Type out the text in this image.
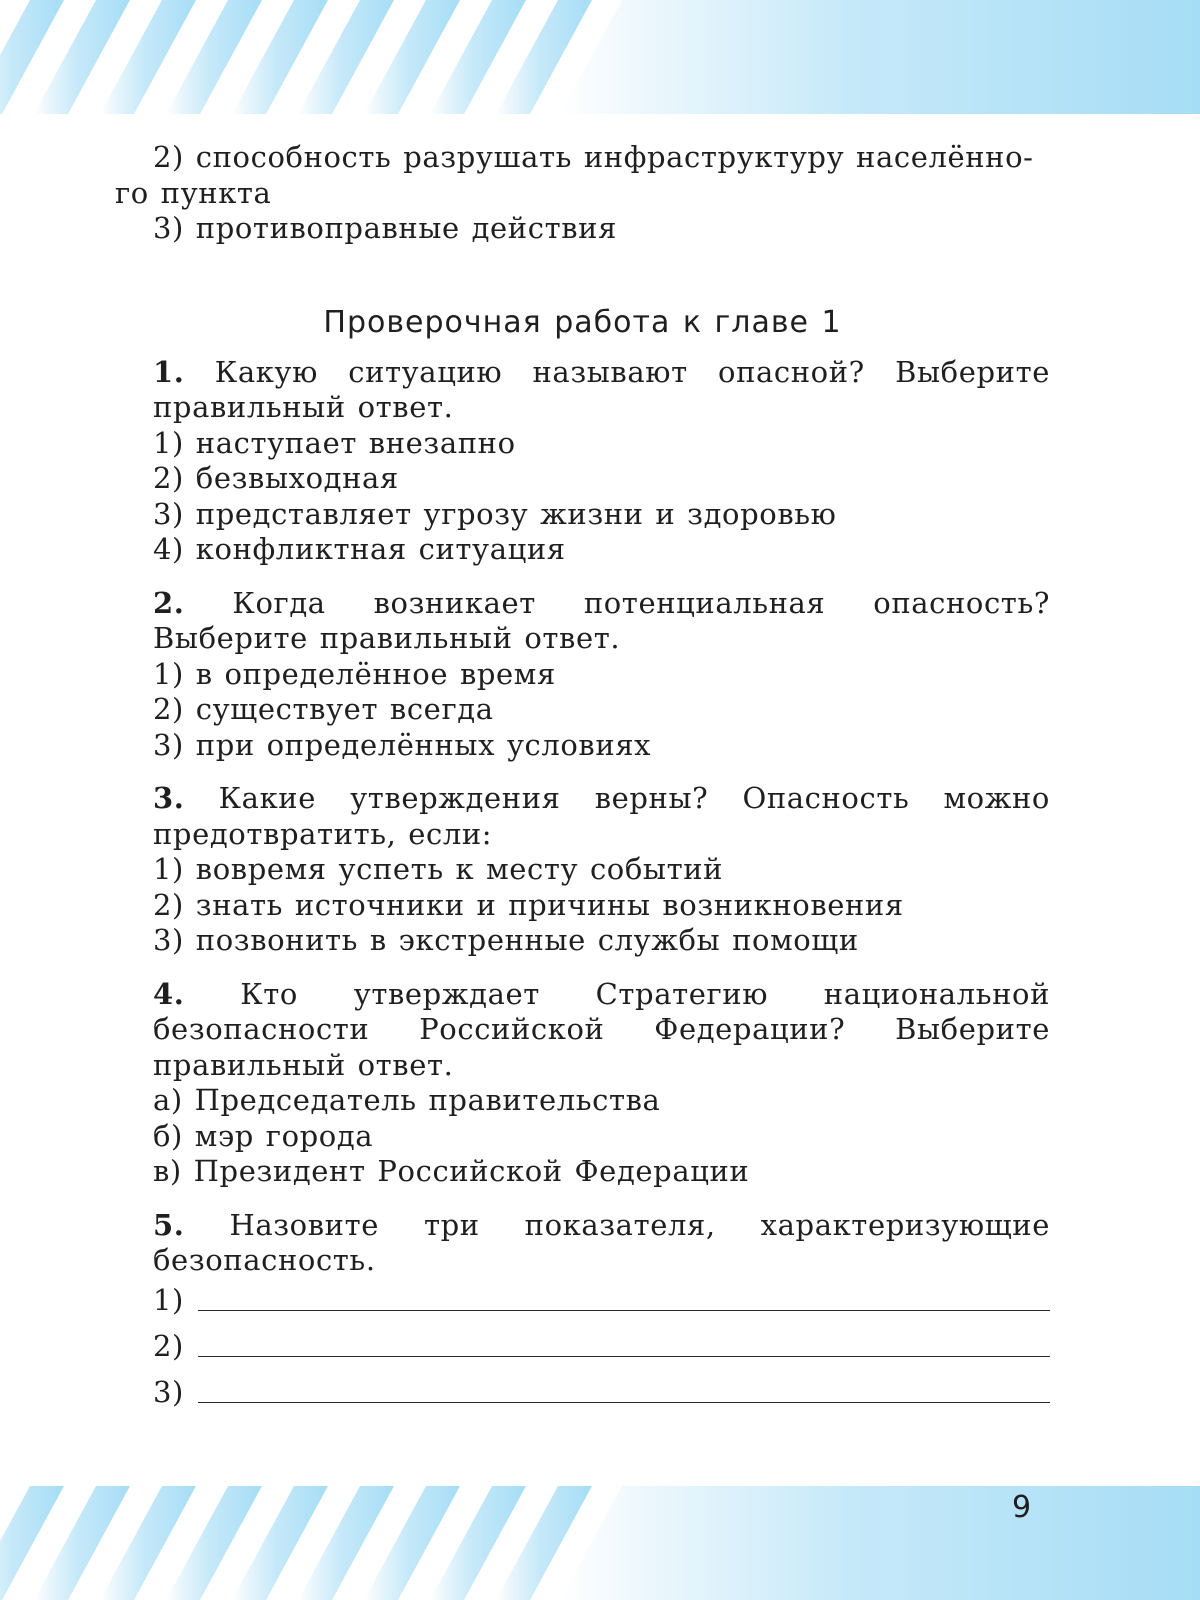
2) способность разрушать инфраструктуру населённо-

го пункта

3) противоправные действия

Проверочная работа к главе 1

1. Какую ситуацию называют опасной? Выберите правильный ответ.

1) наступает внезапно

2) безвыходная

3) представляет угрозу жизни и здоровью

4) конфликтная ситуация

2. Когда возникает потенциальная опасность? Выберите правильный ответ.

1) в определённое время

2) существует всегда

3) при определённых условиях

3. Какие утверждения верны? Опасность можно предотвратить, если:

1) вовремя успеть к месту событий

2) знать источники и причины возникновения

3) позвонить в экстренные службы помощи

4. Кто утверждает Стратегию национальной безопасности Российской Федерации? Выберите правильный ответ.

а) Председатель правительства

б) мэр города

в) Президент Российской Федерации

5. Назовите три показателя, характеризующие безопасность.

1)
2)
3)
9
